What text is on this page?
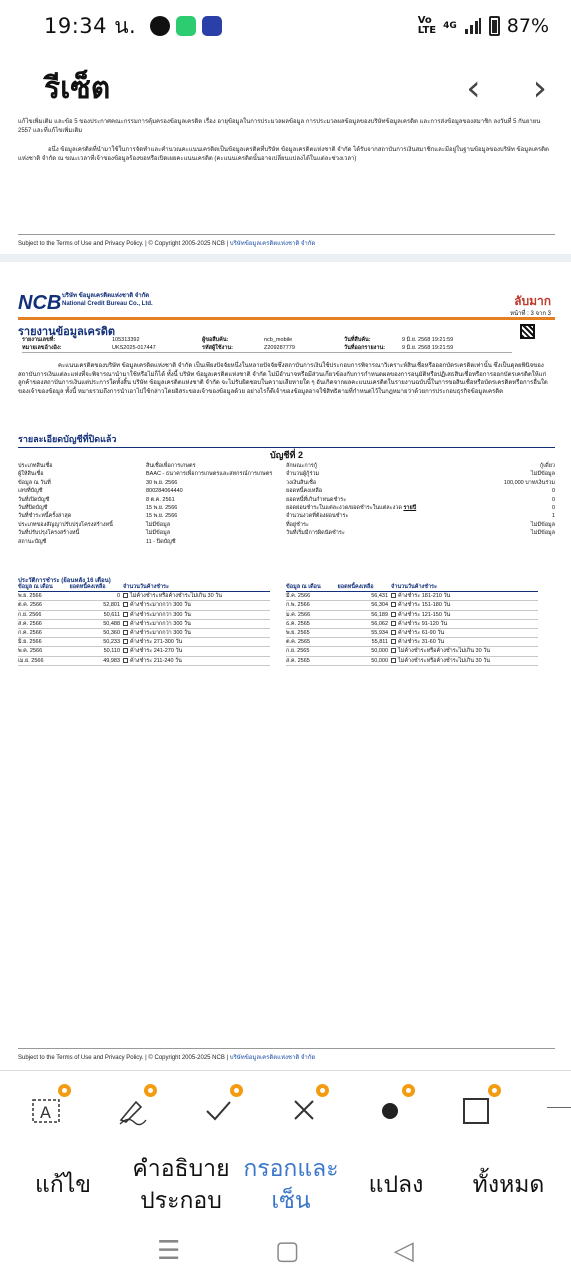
19:34 น.	Vo
LTE 4G	87%
รีเซ็ต	‹ ›

แก้ไขเพิ่มเติม และข้อ 5 ของประกาศคณะกรรมการคุ้มครองข้อมูลเครดิต เรื่อง อายุข้อมูลในการประมวลผลข้อมูล การประมวลผลข้อมูลของบริษัทข้อมูลเครดิต และการส่งข้อมูลของสมาชิก ลงวันที่ 5 กันยายน 2557 และที่แก้ไขเพิ่มเติม

อนึ่ง ข้อมูลเครดิตที่นำมาใช้ในการจัดทำและคำนวณคะแนนเครดิตเป็นข้อมูลเครดิตที่บริษัท ข้อมูลเครดิตแห่งชาติ จำกัด ได้รับจากสถาบันการเงินสมาชิกและมีอยู่ในฐานข้อมูลของบริษัท ข้อมูลเครดิตแห่งชาติ จำกัด ณ ขณะเวลาที่เจ้าของข้อมูลร้องขอหรือเปิดเผยคะแนนเครดิต (คะแนนเครดิตนั้นอาจเปลี่ยนแปลงได้ในแต่ละช่วงเวลา)

Subject to the Terms of Use and Privacy Policy. | © Copyright 2005-2025 NCB | บริษัทข้อมูลเครดิตแห่งชาติ จำกัด
NCB บริษัท ข้อมูลเครดิตแห่งชาติ จำกัด
National Credit Bureau Co., Ltd.	ลับมาก
หน้าที่ : 3 จาก 3
รายงานข้อมูลเครดิต
รายงานเลขที่:	105313392	ผู้ขอสืบค้น:	ncb_mobile	วันที่สืบค้น:	9 มิ.ย. 2568 19:21:59
หมายเลขอ้างอิง:	UKS2025-017447	รหัสผู้ใช้งาน:	Z209287779	วันที่ออกรายงาน:	9 มิ.ย. 2568 19:21:59

คะแนนเครดิตของบริษัท ข้อมูลเครดิตแห่งชาติ จำกัด เป็นเพียงปัจจัยหนึ่งในหลายปัจจัยซึ่งสถาบันการเงินใช้ประกอบการพิจารณาวิเคราะห์สินเชื่อหรือออกบัตรเครดิตเท่านั้น ซึ่งเป็นดุลยพินิจของสถาบันการเงินแต่ละแห่งที่จะพิจารณานำมาใช้หรือไม่ก็ได้ ทั้งนี้ บริษัท ข้อมูลเครดิตแห่งชาติ จำกัด ไม่มีอำนาจหรือมีส่วนเกี่ยวข้องกับการกำหนดผลของการอนุมัติหรือปฏิเสธสินเชื่อหรือการออกบัตรเครดิตให้แก่ลูกค้าของสถาบันการเงินแต่ประการใดทั้งสิ้น บริษัท ข้อมูลเครดิตแห่งชาติ จำกัด จะไม่รับผิดชอบในความเสียหายใด ๆ อันเกิดจากผลคะแนนเครดิตในรายงานฉบับนี้ในการขอสินเชื่อหรือบัตรเครดิตหรือการอื่นใดของเจ้าของข้อมูล ทั้งนี้ หมายรวมถึงการนำเอาไปใช้กล่าวโดยอิสระของเจ้าของข้อมูลด้วย อย่างไรก็ดีเจ้าของข้อมูลอาจใช้สิทธิตามที่กำหนดไว้ในกฎหมายว่าด้วยการประกอบธุรกิจข้อมูลเครดิต

รายละเอียดบัญชีที่ปิดแล้ว
บัญชีที่ 2
ประเภทสินเชื่อ	สินเชื่อเพื่อการเกษตร	ลักษณะการกู้	กู้เดี่ยว
ผู้ให้สินเชื่อ	BAAC - ธนาคารเพื่อการเกษตรและสหกรณ์การเกษตร	จำนวนผู้กู้ร่วม	ไม่มีข้อมูล
ข้อมูล ณ วันที่	30 พ.ย. 2566	วงเงินสินเชื่อ	100,000 บาท/เงินร่วม
เลขที่บัญชี	800284064440	ยอดหนี้คงเหลือ	0
วันที่เปิดบัญชี	8 ต.ค. 2561	ยอดหนี้ที่เกินกำหนดชำระ	0
วันที่ปิดบัญชี	15 พ.ย. 2566	ยอดผ่อนชำระในแต่ละงวด/ยอดชำระในแต่ละงวด รายปี	0
วันที่ชำระหนี้ครั้งล่าสุด	15 พ.ย. 2566	จำนวนงวดที่ต้องผ่อนชำระ	1
ประเภทของสัญญาปรับปรุงโครงสร้างหนี้	ไม่มีข้อมูล	ที่อยู่ชำระ	ไม่มีข้อมูล
วันที่ปรับปรุงโครงสร้างหนี้	ไม่มีข้อมูล	วันที่เริ่มมีการผิดนัดชำระ	ไม่มีข้อมูล
สถานะบัญชี	11 - ปิดบัญชี
ประวัติการชำระ (ย้อนหลัง 16 เดือน)
ข้อมูล ณ เดือน	ยอดหนี้คงเหลือ	จำนวนวันค้างชำระ
พ.ย. 2566	0	ไม่ค้างชำระหรือค้างชำระไม่เกิน 30 วัน
ต.ค. 2566	52,801	ค้างชำระมากกว่า 300 วัน
ก.ย. 2566	50,611	ค้างชำระมากกว่า 300 วัน
ส.ค. 2566	50,488	ค้างชำระมากกว่า 300 วัน
ก.ค. 2566	50,360	ค้างชำระมากกว่า 300 วัน
มิ.ย. 2566	50,233	ค้างชำระ 271-300 วัน
พ.ค. 2566	50,110	ค้างชำระ 241-270 วัน
เม.ย. 2566	49,983	ค้างชำระ 211-240 วัน
ข้อมูล ณ เดือน	ยอดหนี้คงเหลือ	จำนวนวันค้างชำระ
มี.ค. 2566	56,431	ค้างชำระ 181-210 วัน
ก.พ. 2566	56,304	ค้างชำระ 151-180 วัน
ม.ค. 2566	56,189	ค้างชำระ 121-150 วัน
ธ.ค. 2565	56,062	ค้างชำระ 91-120 วัน
พ.ย. 2565	55,934	ค้างชำระ 61-90 วัน
ต.ค. 2565	55,811	ค้างชำระ 31-60 วัน
ก.ย. 2565	50,000	ไม่ค้างชำระหรือค้างชำระไม่เกิน 30 วัน
ส.ค. 2565	50,000	ไม่ค้างชำระหรือค้างชำระไม่เกิน 30 วัน
Subject to the Terms of Use and Privacy Policy. | © Copyright 2005-2025 NCB | บริษัทข้อมูลเครดิตแห่งชาติ จำกัด
A
แก้ไข
คำอธิบายประกอบ
กรอกและเซ็น
แปลง	ทั้งหมด
☰	▢	◁
